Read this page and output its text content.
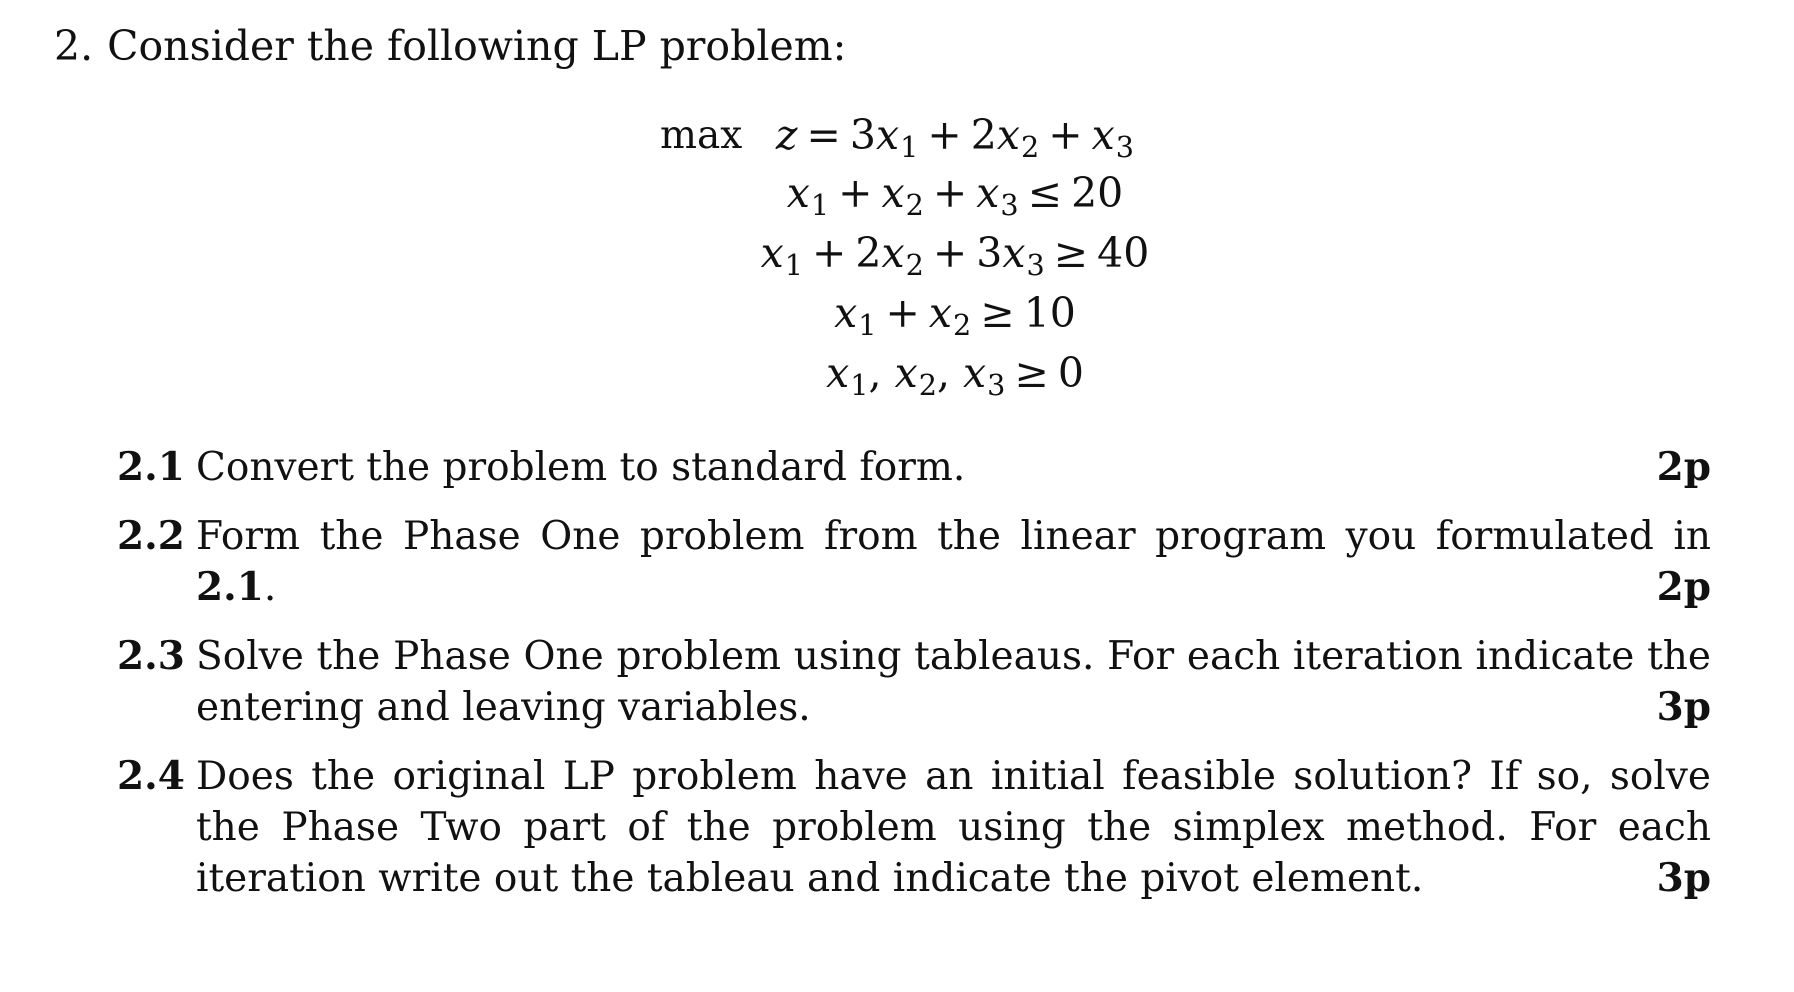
2. Consider the following LP problem:
$\max z = 3x_1 + 2x_2 + x_3$
$x_1 + x_2 + x_3 \le 20$
$x_1 + 2x_2 + 3x_3 \ge 40$
$x_1 + x_2 \ge 10$
$x_1$, $x_2$, $x_3 \ge 0$
2.1 Convert the problem to standard form.	2p
2.2 Form the Phase One problem from the linear program you formulated in 2.1.	2p
2.3 Solve the Phase One problem using tableaus. For each iteration indicate the entering and leaving variables.	3p
2.4 Does the original LP problem have an initial feasible solution? If so, solve the Phase Two part of the problem using the simplex method. For each iteration write out the tableau and indicate the pivot element.	3p
